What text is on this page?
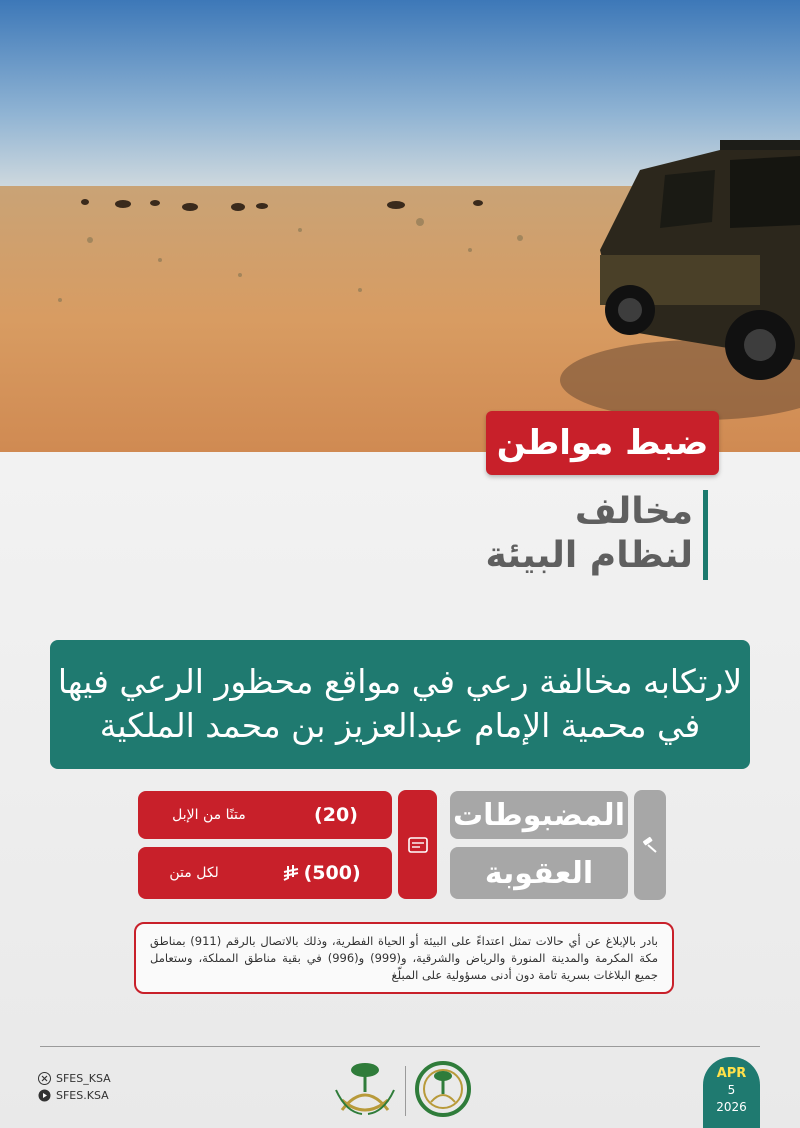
ضبط مواطن
مخالف
لنظام البيئة
لارتكابه مخالفة رعي في مواقع محظور الرعي فيها
في محمية الإمام عبدالعزيز بن محمد الملكية
(20)
متنًا من الإبل
(500)
لكل متن
المضبوطات
العقوبة
بادر بالإبلاغ عن أي حالات تمثل اعتداءً على البيئة أو الحياة الفطرية، وذلك بالاتصال بالرقم (911) بمناطق مكة المكرمة والمدينة المنورة والرياض والشرقية، و(999) و(996) في بقية مناطق المملكة، وستعامل جميع البلاغات بسرية تامة دون أدنى مسؤولية على المبلّغ
SFES_KSA
SFES.KSA
APR
5
2026
